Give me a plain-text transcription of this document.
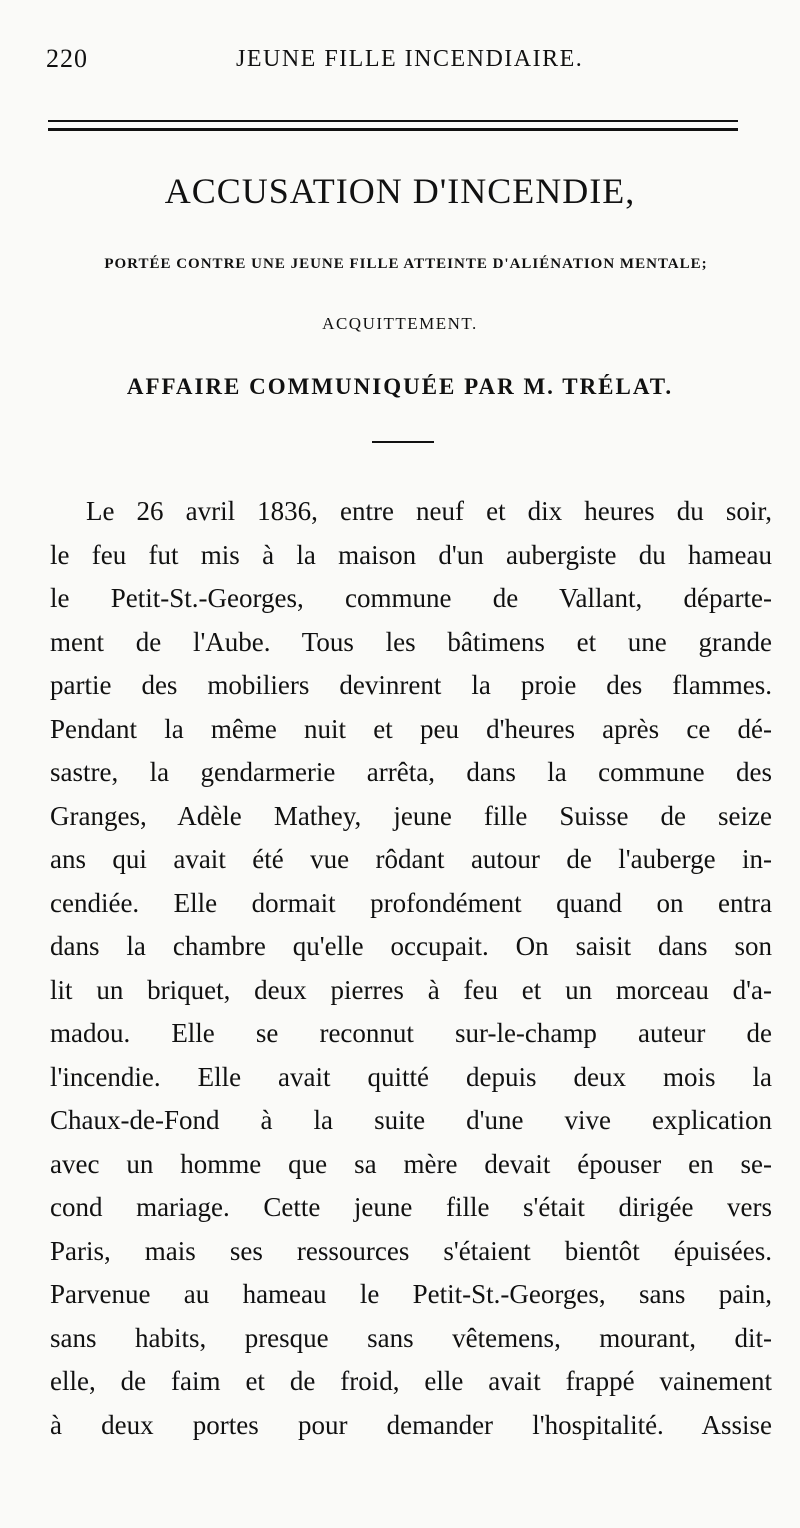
220	JEUNE FILLE INCENDIAIRE.
ACCUSATION D'INCENDIE,
PORTÉE CONTRE UNE JEUNE FILLE ATTEINTE D'ALIÉNATION MENTALE;
ACQUITTEMENT.
AFFAIRE COMMUNIQUÉE PAR M. TRÉLAT.
Le 26 avril 1836, entre neuf et dix heures du soir,
le feu fut mis à la maison d'un aubergiste du hameau
le Petit-St.-Georges, commune de Vallant, départe-
ment de l'Aube. Tous les bâtimens et une grande
partie des mobiliers devinrent la proie des flammes.
Pendant la même nuit et peu d'heures après ce dé-
sastre, la gendarmerie arrêta, dans la commune des
Granges, Adèle Mathey, jeune fille Suisse de seize
ans qui avait été vue rôdant autour de l'auberge in-
cendiée. Elle dormait profondément quand on entra
dans la chambre qu'elle occupait. On saisit dans son
lit un briquet, deux pierres à feu et un morceau d'a-
madou. Elle se reconnut sur-le-champ auteur de
l'incendie. Elle avait quitté depuis deux mois la
Chaux-de-Fond à la suite d'une vive explication
avec un homme que sa mère devait épouser en se-
cond mariage. Cette jeune fille s'était dirigée vers
Paris, mais ses ressources s'étaient bientôt épuisées.
Parvenue au hameau le Petit-St.-Georges, sans pain,
sans habits, presque sans vêtemens, mourant, dit-
elle, de faim et de froid, elle avait frappé vainement
à deux portes pour demander l'hospitalité. Assise
